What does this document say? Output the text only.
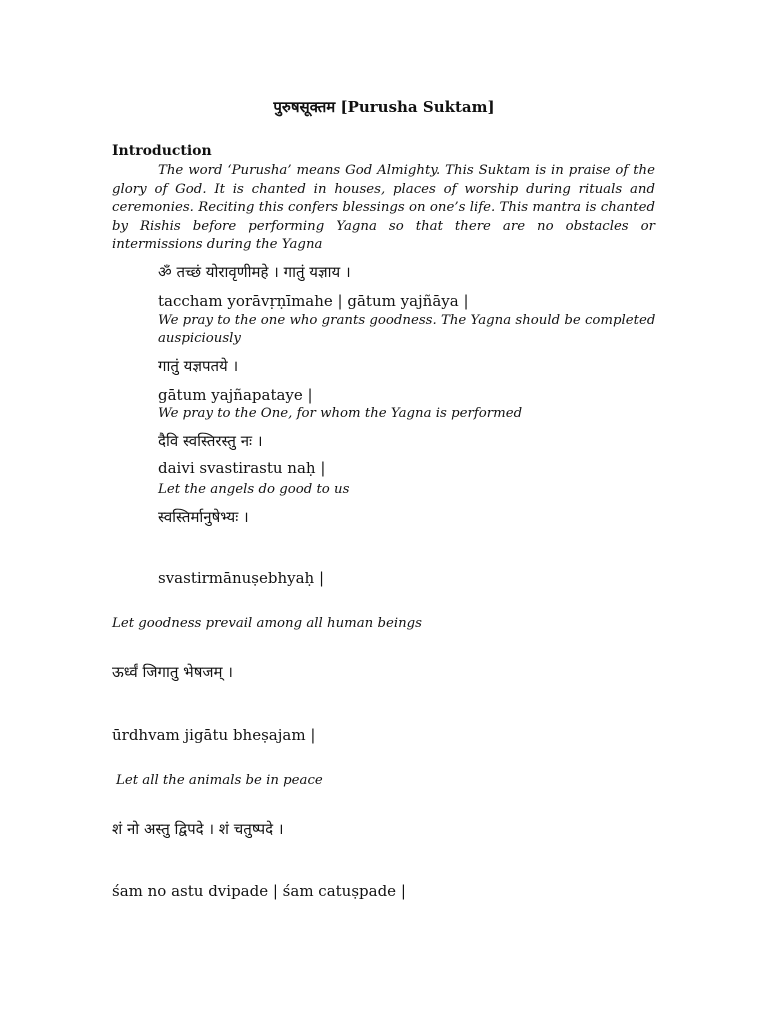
पुरुषसूक्तम [Purusha Suktam]
Introduction

The word ‘Purusha’ means God Almighty. This Suktam is in praise of the glory of God. It is chanted in houses, places of worship during rituals and ceremonies. Reciting this confers blessings on one’s life. This mantra is chanted by Rishis before performing Yagna so that there are no obstacles or intermissions during the Yagna

ॐ तच्छं योरावृणीमहे । गातुं यज्ञाय ।
taccham yorāvṛṇīmahe | gātum yajñāya |
We pray to the one who grants goodness. The Yagna should be completed auspiciously
गातुं यज्ञपतये ।
gātum yajñapataye |
We pray to the One, for whom the Yagna is performed
दैवि स्वस्तिरस्तु नः ।
daivi svastirastu naḥ |
Let the angels do good to us
स्वस्तिर्मानुषेभ्यः ।
svastirmānuṣebhyaḥ |
Let goodness prevail among all human beings
ऊर्ध्वं जिगातु भेषजम् ।
ūrdhvam jigātu bheṣajam |
Let all the animals be in peace
शं नो अस्तु द्विपदे । शं चतुष्पदे ।
śam no astu dvipade | śam catuṣpade |
